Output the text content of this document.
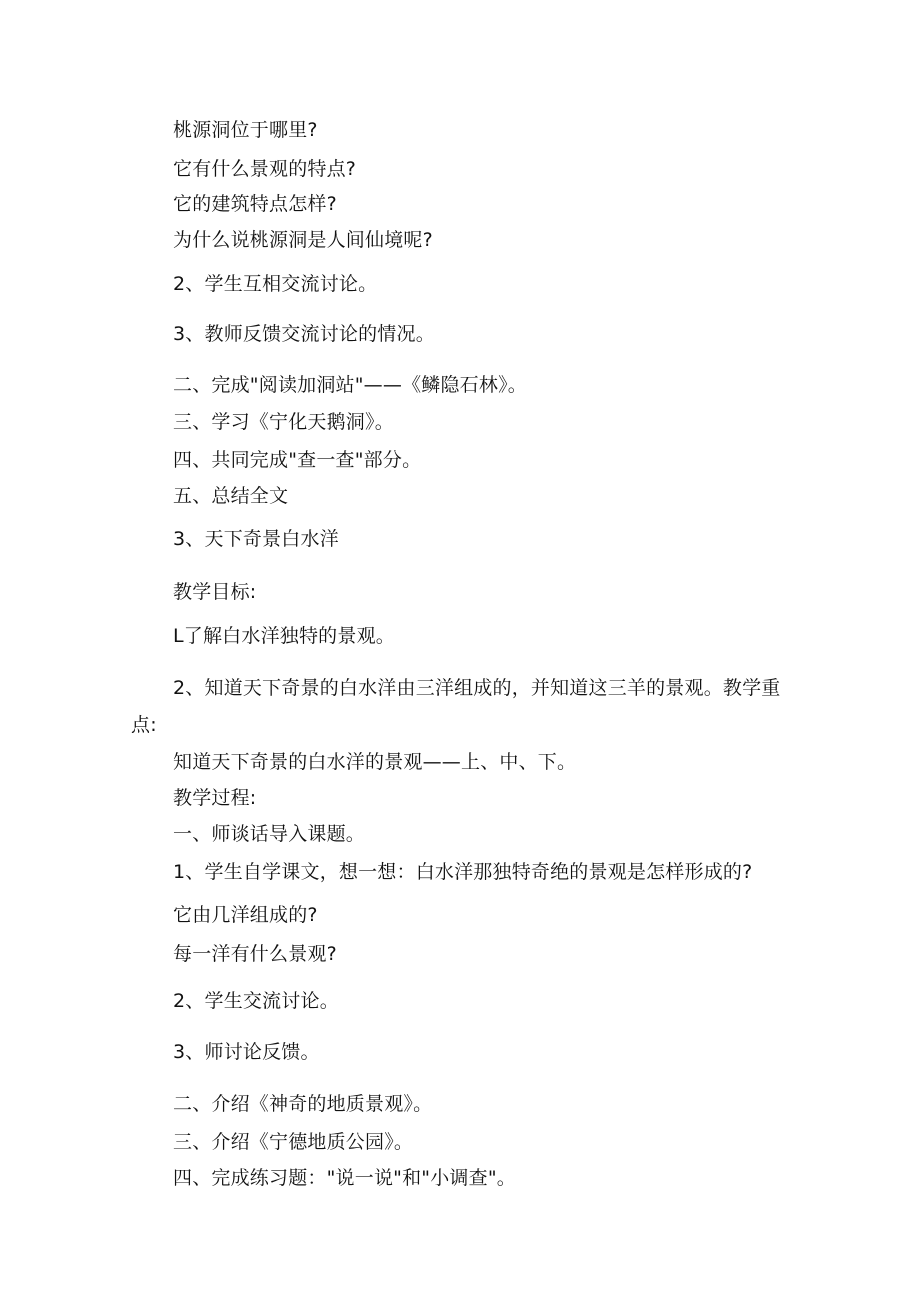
桃源洞位于哪里?
它有什么景观的特点?
它的建筑特点怎样?
为什么说桃源洞是人间仙境呢?
2、学生互相交流讨论。
3、教师反馈交流讨论的情况。
二、完成"阅读加洞站"——《鳞隐石林》。
三、学习《宁化天鹅洞》。
四、共同完成"查一查"部分。
五、总结全文
3、天下奇景白水洋
教学目标:
L了解白水洋独特的景观。
2、知道天下奇景的白水洋由三洋组成的，并知道这三羊的景观。教学重点:
知道天下奇景的白水洋的景观——上、中、下。
教学过程:
一、师谈话导入课题。
1、学生自学课文，想一想：白水洋那独特奇绝的景观是怎样形成的?
它由几洋组成的?
每一洋有什么景观?
2、学生交流讨论。
3、师讨论反馈。
二、介绍《神奇的地质景观》。
三、介绍《宁德地质公园》。
四、完成练习题："说一说"和"小调查"。
